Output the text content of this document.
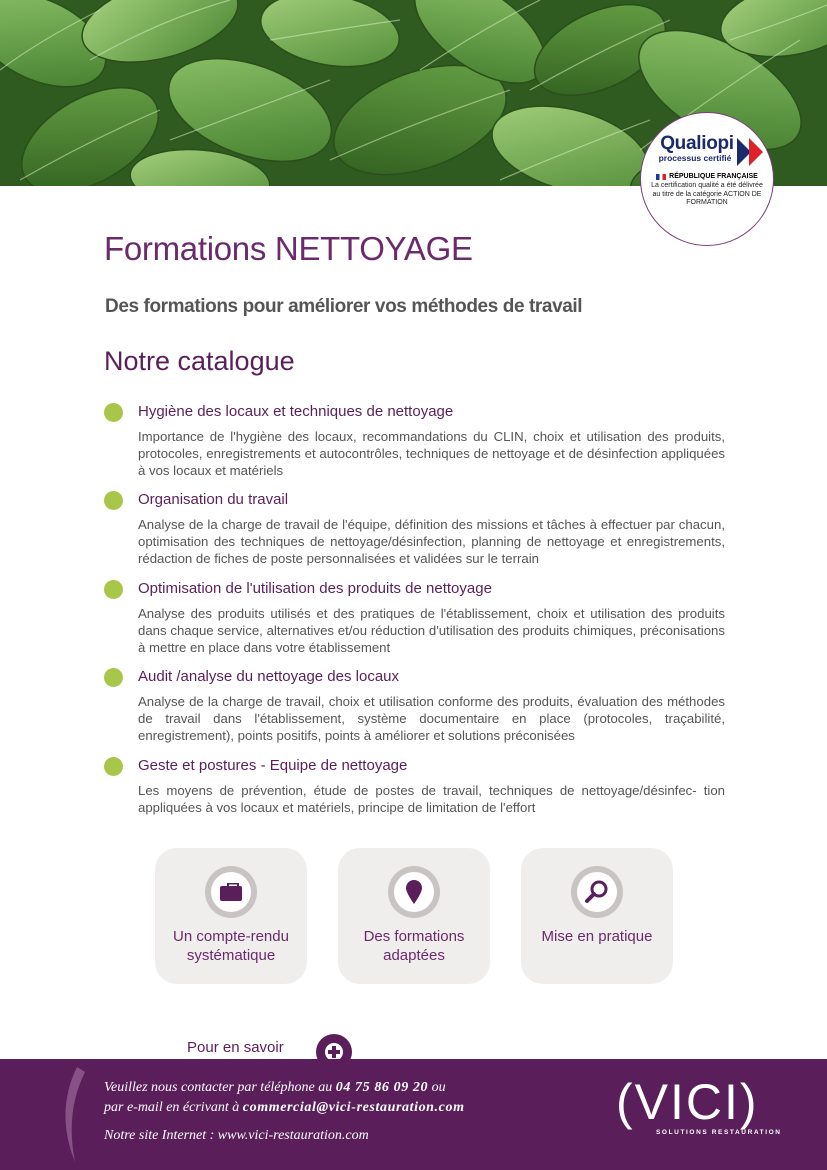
Qualiopi
processus certifié
RÉPUBLIQUE FRANÇAISE
La certification qualité a été délivrée au titre de la catégorie ACTION DE FORMATION
Formations NETTOYAGE
Des formations pour améliorer vos méthodes de travail
Notre catalogue
Hygiène des locaux et techniques de nettoyage
Importance de l'hygiène des locaux, recommandations du CLIN, choix et utilisation des produits, protocoles, enregistrements et autocontrôles, techniques de nettoyage et de désinfection appliquées à vos locaux et matériels
Organisation du travail
Analyse de la charge de travail de l'équipe, définition des missions et tâches à effectuer par chacun, optimisation des techniques de nettoyage/désinfection, planning de nettoyage et enregistrements, rédaction de fiches de poste personnalisées et validées sur le terrain
Optimisation de l'utilisation des produits de nettoyage
Analyse des produits utilisés et des pratiques de l'établissement, choix et utilisation des produits dans chaque service, alternatives et/ou réduction d'utilisation des produits chimiques, préconisations à mettre en place dans votre établissement
Audit /analyse du nettoyage des locaux
Analyse de la charge de travail, choix et utilisation conforme des produits, évaluation des méthodes de travail dans l'établissement, système documentaire en place (protocoles, traçabilité, enregistrement), points positifs, points à améliorer et solutions préconisées
Geste et postures - Equipe de nettoyage
Les moyens de prévention, étude de postes de travail, techniques de nettoyage/désinfec- tion appliquées à vos locaux et matériels, principe de limitation de l'effort
Un compte-rendu systématique
Des formations adaptées
Mise en pratique
Pour en savoir
Veuillez nous contacter par téléphone au 04 75 86 09 20 ou
par e-mail en écrivant à commercial@vici-restauration.com
Notre site Internet : www.vici-restauration.com
(VICI)
SOLUTIONS RESTAURATION
